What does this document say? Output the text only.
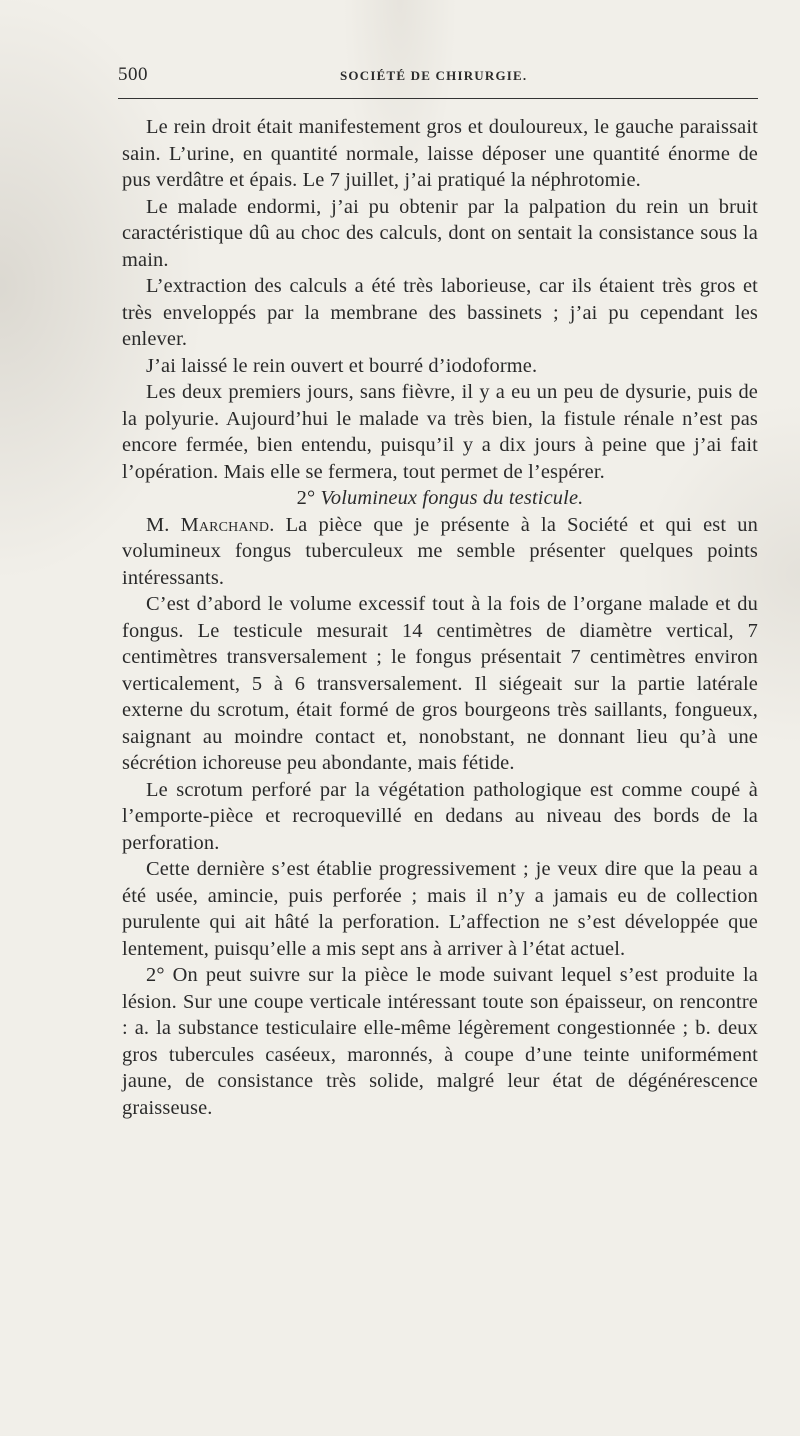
500	SOCIÉTÉ DE CHIRURGIE.

Le rein droit était manifestement gros et douloureux, le gauche paraissait sain. L’urine, en quantité normale, laisse déposer une quantité énorme de pus verdâtre et épais. Le 7 juillet, j’ai pratiqué la néphrotomie.

Le malade endormi, j’ai pu obtenir par la palpation du rein un bruit caractéristique dû au choc des calculs, dont on sentait la consistance sous la main.

L’extraction des calculs a été très laborieuse, car ils étaient très gros et très enveloppés par la membrane des bassinets ; j’ai pu cependant les enlever.

J’ai laissé le rein ouvert et bourré d’iodoforme.

Les deux premiers jours, sans fièvre, il y a eu un peu de dysurie, puis de la polyurie. Aujourd’hui le malade va très bien, la fistule rénale n’est pas encore fermée, bien entendu, puisqu’il y a dix jours à peine que j’ai fait l’opération. Mais elle se fermera, tout permet de l’espérer.

2° Volumineux fongus du testicule.

M. Marchand. La pièce que je présente à la Société et qui est un volumineux fongus tuberculeux me semble présenter quelques points intéressants.

C’est d’abord le volume excessif tout à la fois de l’organe malade et du fongus. Le testicule mesurait 14 centimètres de diamètre vertical, 7 centimètres transversalement ; le fongus présentait 7 centimètres environ verticalement, 5 à 6 transversalement. Il siégeait sur la partie latérale externe du scrotum, était formé de gros bourgeons très saillants, fongueux, saignant au moindre contact et, nonobstant, ne donnant lieu qu’à une sécrétion ichoreuse peu abondante, mais fétide.

Le scrotum perforé par la végétation pathologique est comme coupé à l’emporte-pièce et recroquevillé en dedans au niveau des bords de la perforation.

Cette dernière s’est établie progressivement ; je veux dire que la peau a été usée, amincie, puis perforée ; mais il n’y a jamais eu de collection purulente qui ait hâté la perforation. L’affection ne s’est développée que lentement, puisqu’elle a mis sept ans à arriver à l’état actuel.

2° On peut suivre sur la pièce le mode suivant lequel s’est produite la lésion. Sur une coupe verticale intéressant toute son épaisseur, on rencontre : a. la substance testiculaire elle-même légèrement congestionnée ; b. deux gros tubercules caséeux, maronnés, à coupe d’une teinte uniformément jaune, de consistance très solide, malgré leur état de dégénérescence graisseuse.
